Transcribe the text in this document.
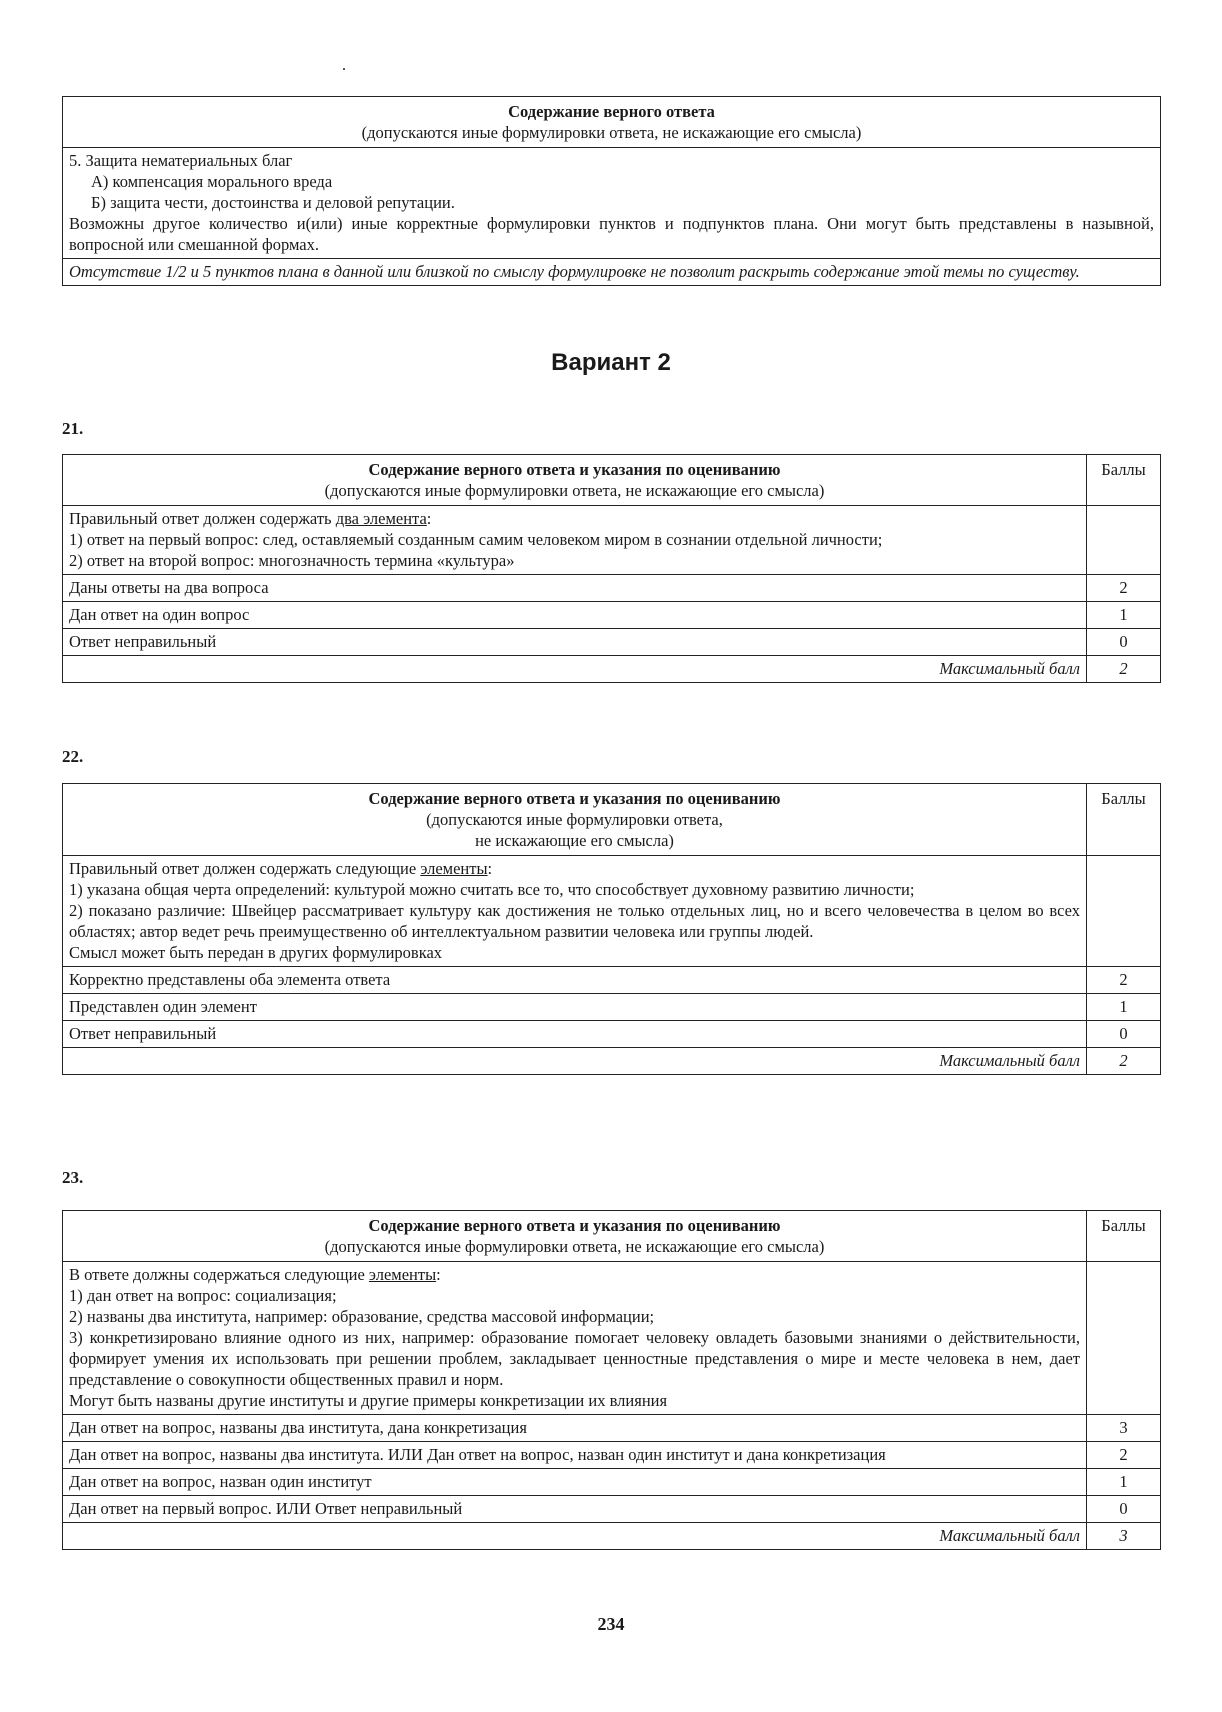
Содержание верного ответа
(допускаются иные формулировки ответа, не искажающие его смысла)

5. Защита нематериальных благ
А) компенсация морального вреда
Б) защита чести, достоинства и деловой репутации.
Возможны другое количество и(или) иные корректные формулировки пунктов и подпунктов плана. Они могут быть представлены в назывной, вопросной или смешанной формах.

Отсутствие 1/2 и 5 пунктов плана в данной или близкой по смыслу формулировке не позволит раскрыть содержание этой темы по существу.
Вариант 2
21.
Содержание верного ответа и указания по оцениванию
(допускаются иные формулировки ответа, не искажающие его смысла)	Баллы

Правильный ответ должен содержать два элемента:
1) ответ на первый вопрос: след, оставляемый созданным самим человеком миром в сознании отдельной личности;
2) ответ на второй вопрос: многозначность термина «культура»	

Даны ответы на два вопроса	2
Дан ответ на один вопрос	1
Ответ неправильный	0
Максимальный балл	2
22.
Содержание верного ответа и указания по оцениванию
(допускаются иные формулировки ответа,
не искажающие его смысла)	Баллы

Правильный ответ должен содержать следующие элементы:
1) указана общая черта определений: культурой можно считать все то, что способствует духовному развитию личности;
2) показано различие: Швейцер рассматривает культуру как достижения не только отдельных лиц, но и всего человечества в целом во всех областях; автор ведет речь преимущественно об интеллектуальном развитии человека или группы людей.
Смысл может быть передан в других формулировках	

Корректно представлены оба элемента ответа	2
Представлен один элемент	1
Ответ неправильный	0
Максимальный балл	2
23.
Содержание верного ответа и указания по оцениванию
(допускаются иные формулировки ответа, не искажающие его смысла)	Баллы

В ответе должны содержаться следующие элементы:
1) дан ответ на вопрос: социализация;
2) названы два института, например: образование, средства массовой информации;
3) конкретизировано влияние одного из них, например: образование помогает человеку овладеть базовыми знаниями о действительности, формирует умения их использовать при решении проблем, закладывает ценностные представления о мире и месте человека в нем, дает представление о совокупности общественных правил и норм.
Могут быть названы другие институты и другие примеры конкретизации их влияния	

Дан ответ на вопрос, названы два института, дана конкретизация	3
Дан ответ на вопрос, названы два института. ИЛИ Дан ответ на вопрос, назван один институт и дана конкретизация	2
Дан ответ на вопрос, назван один институт	1
Дан ответ на первый вопрос. ИЛИ Ответ неправильный	0
Максимальный балл	3
234
